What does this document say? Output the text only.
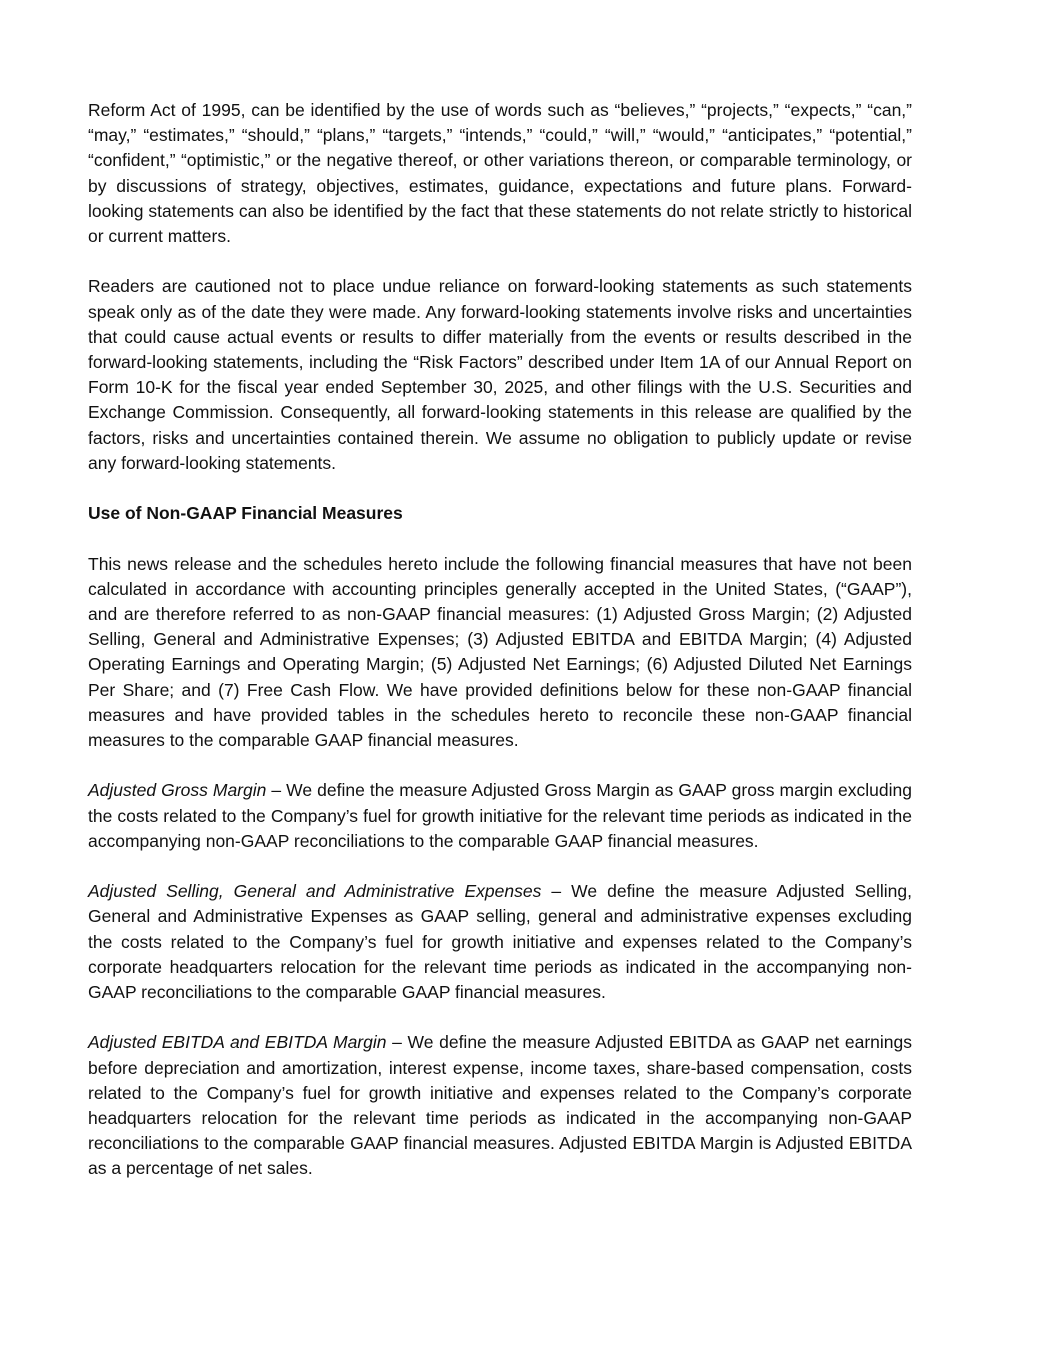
Reform Act of 1995, can be identified by the use of words such as “believes,” “projects,” “expects,” “can,” “may,” “estimates,” “should,” “plans,” “targets,” “intends,” “could,” “will,” “would,” “anticipates,” “potential,” “confident,” “optimistic,” or the negative thereof, or other variations thereon, or comparable terminology, or by discussions of strategy, objectives, estimates, guidance, expectations and future plans. Forward-looking statements can also be identified by the fact that these statements do not relate strictly to historical or current matters.

Readers are cautioned not to place undue reliance on forward-looking statements as such statements speak only as of the date they were made. Any forward-looking statements involve risks and uncertainties that could cause actual events or results to differ materially from the events or results described in the forward-looking statements, including the “Risk Factors” described under Item 1A of our Annual Report on Form 10-K for the fiscal year ended September 30, 2025, and other filings with the U.S. Securities and Exchange Commission. Consequently, all forward-looking statements in this release are qualified by the factors, risks and uncertainties contained therein. We assume no obligation to publicly update or revise any forward-looking statements.

Use of Non-GAAP Financial Measures

This news release and the schedules hereto include the following financial measures that have not been calculated in accordance with accounting principles generally accepted in the United States, (“GAAP”), and are therefore referred to as non-GAAP financial measures: (1) Adjusted Gross Margin; (2) Adjusted Selling, General and Administrative Expenses; (3) Adjusted EBITDA and EBITDA Margin; (4) Adjusted Operating Earnings and Operating Margin; (5) Adjusted Net Earnings; (6) Adjusted Diluted Net Earnings Per Share; and (7) Free Cash Flow. We have provided definitions below for these non-GAAP financial measures and have provided tables in the schedules hereto to reconcile these non-GAAP financial measures to the comparable GAAP financial measures.

Adjusted Gross Margin – We define the measure Adjusted Gross Margin as GAAP gross margin excluding the costs related to the Company’s fuel for growth initiative for the relevant time periods as indicated in the accompanying non-GAAP reconciliations to the comparable GAAP financial measures.

Adjusted Selling, General and Administrative Expenses – We define the measure Adjusted Selling, General and Administrative Expenses as GAAP selling, general and administrative expenses excluding the costs related to the Company’s fuel for growth initiative and expenses related to the Company’s corporate headquarters relocation for the relevant time periods as indicated in the accompanying non-GAAP reconciliations to the comparable GAAP financial measures.

Adjusted EBITDA and EBITDA Margin – We define the measure Adjusted EBITDA as GAAP net earnings before depreciation and amortization, interest expense, income taxes, share-based compensation, costs related to the Company’s fuel for growth initiative and expenses related to the Company’s corporate headquarters relocation for the relevant time periods as indicated in the accompanying non-GAAP reconciliations to the comparable GAAP financial measures. Adjusted EBITDA Margin is Adjusted EBITDA as a percentage of net sales.
